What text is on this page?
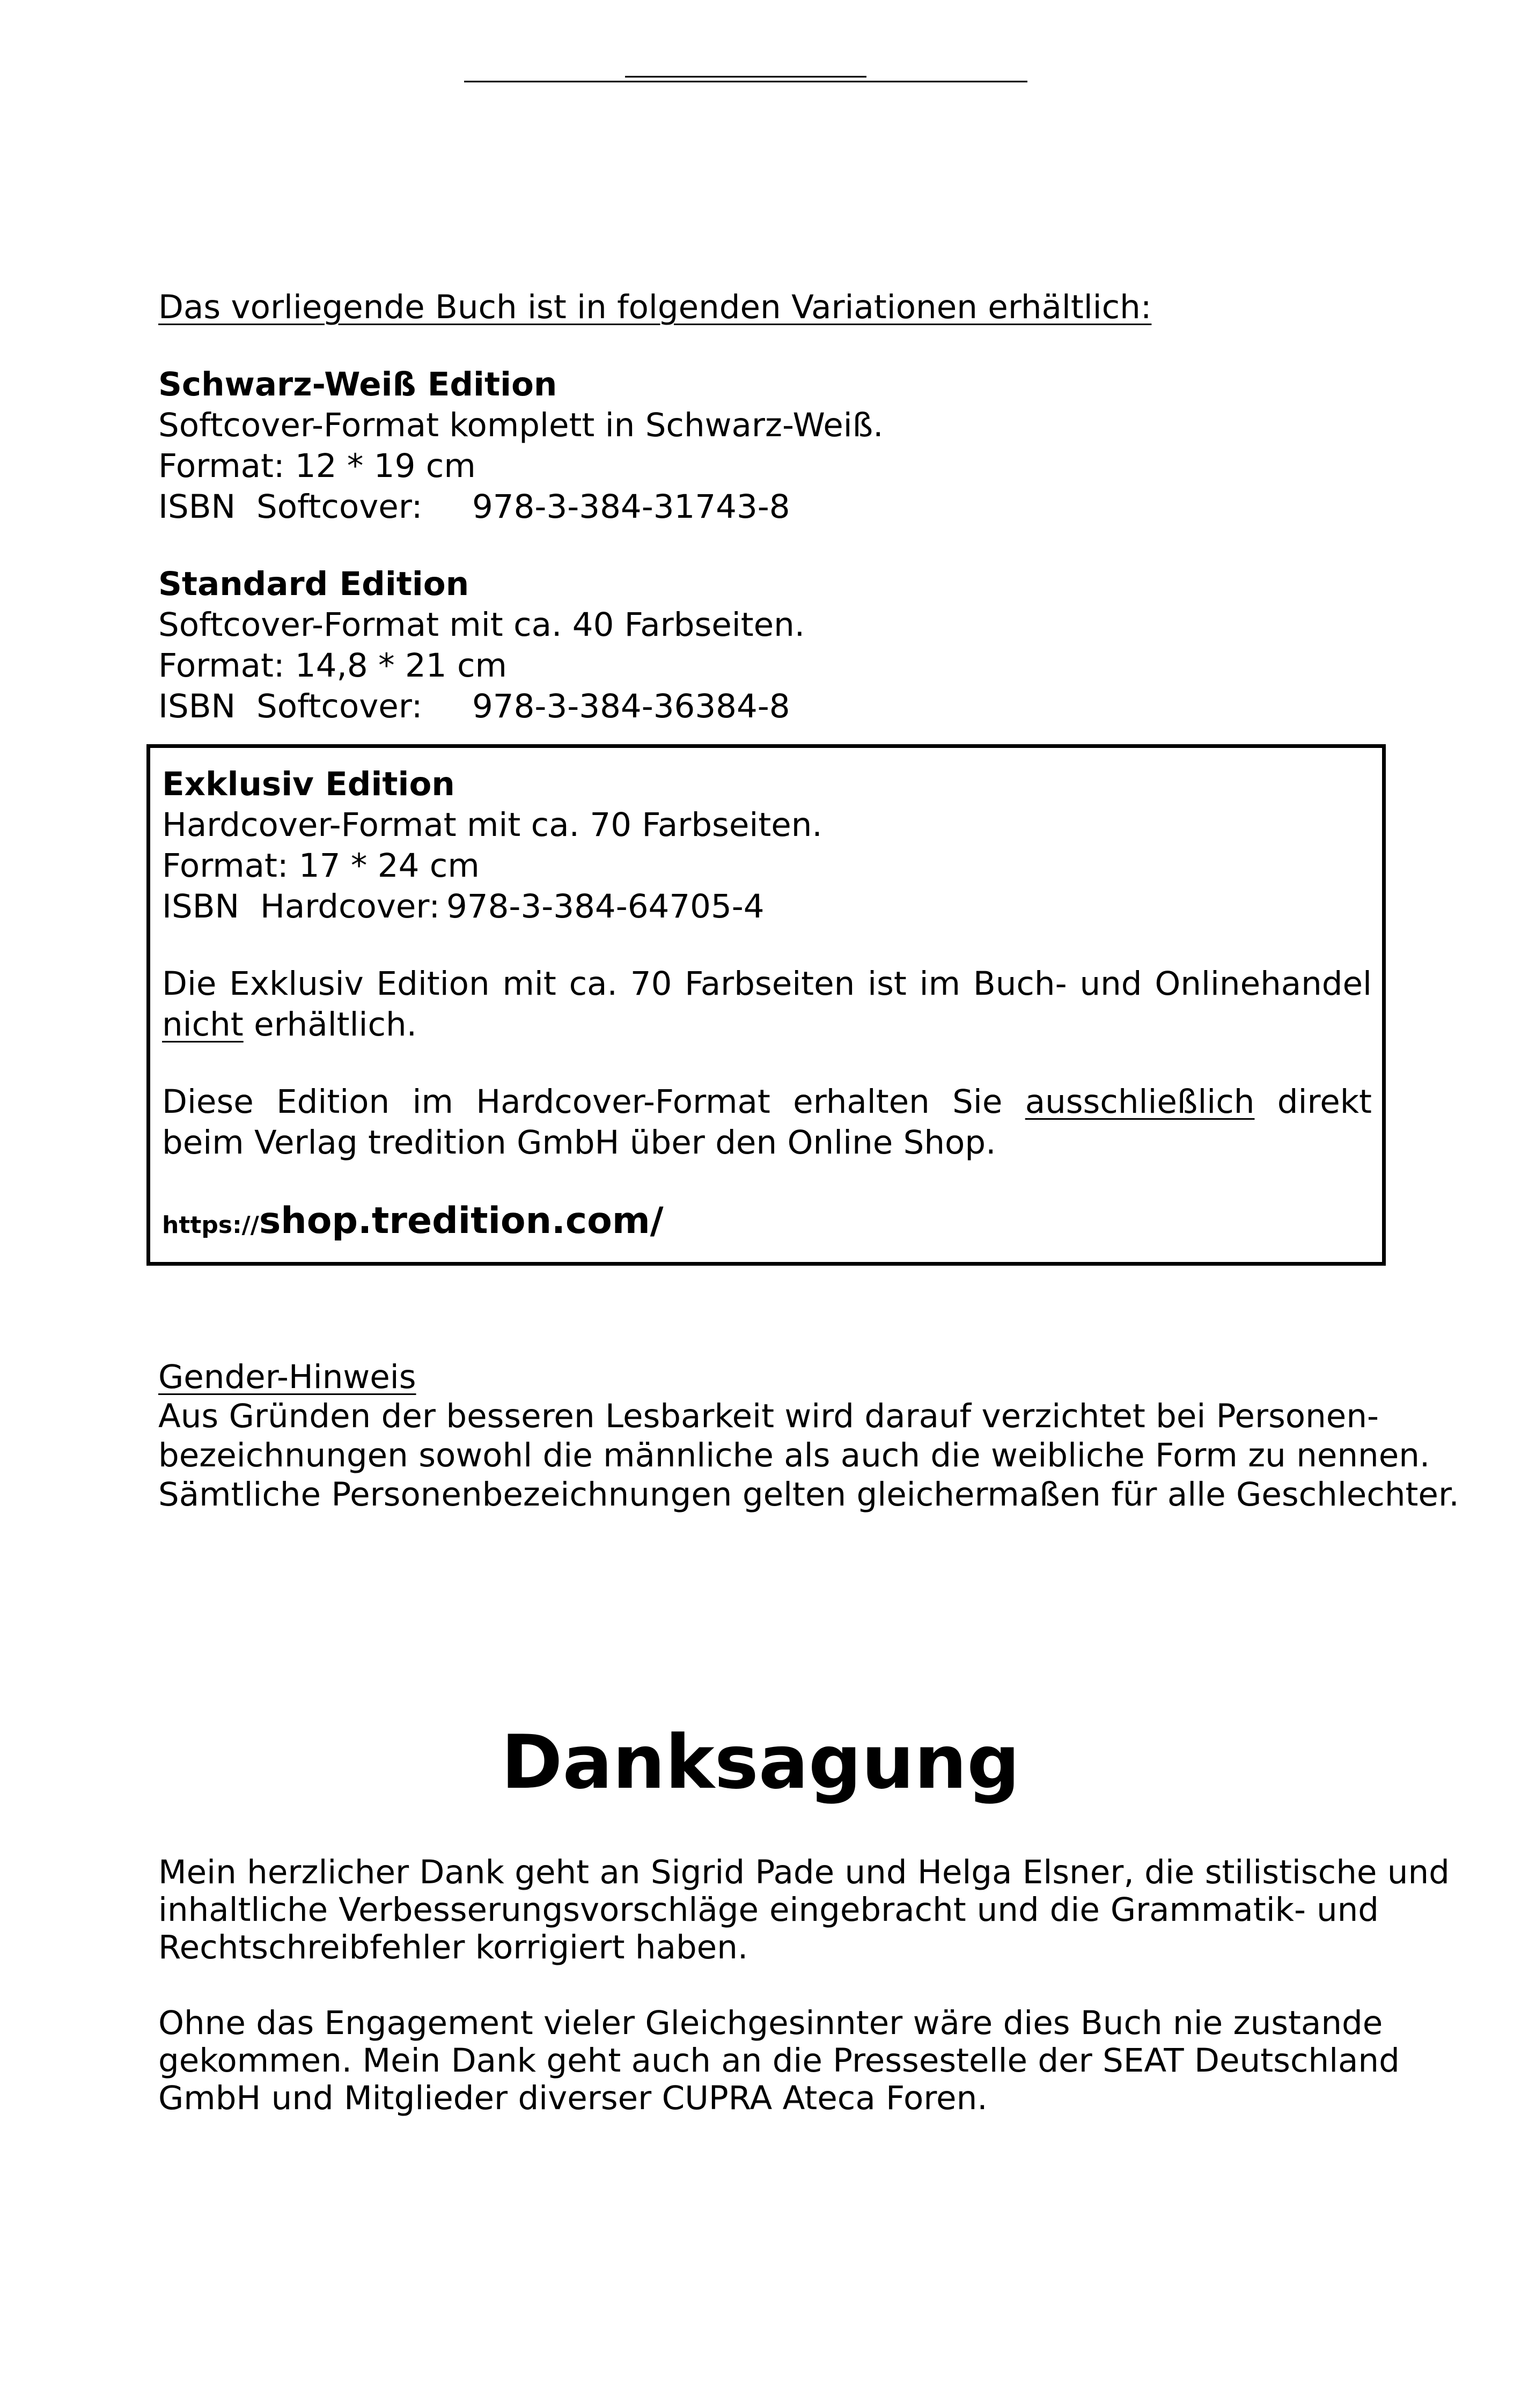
Das vorliegende Buch ist in folgenden Variationen erhältlich:
Schwarz-Weiß Edition
Softcover-Format komplett in Schwarz-Weiß.
Format: 12 * 19 cm
ISBN  Softcover: 978-3-384-31743-8
Standard Edition
Softcover-Format mit ca. 40 Farbseiten.
Format: 14,8 * 21 cm
ISBN  Softcover: 978-3-384-36384-8
Exklusiv Edition
Hardcover-Format mit ca. 70 Farbseiten.
Format: 17 * 24 cm
ISBN  Hardcover: 978-3-384-64705-4
Die Exklusiv Edition mit ca. 70 Farbseiten ist im Buch- und Onlinehandel nicht erhältlich.
Diese Edition im Hardcover-Format erhalten Sie ausschließlich direkt beim Verlag tredition GmbH über den Online Shop.
https://shop.tredition.com/
Gender-Hinweis
Aus Gründen der besseren Lesbarkeit wird darauf verzichtet bei Personen-
bezeichnungen sowohl die männliche als auch die weibliche Form zu nennen.
Sämtliche Personenbezeichnungen gelten gleichermaßen für alle Geschlechter.
Danksagung
Mein herzlicher Dank geht an Sigrid Pade und Helga Elsner, die stilistische und
inhaltliche Verbesserungsvorschläge eingebracht und die Grammatik- und
Rechtschreibfehler korrigiert haben.
Ohne das Engagement vieler Gleichgesinnter wäre dies Buch nie zustande
gekommen. Mein Dank geht auch an die Pressestelle der SEAT Deutschland
GmbH und Mitglieder diverser CUPRA Ateca Foren.
